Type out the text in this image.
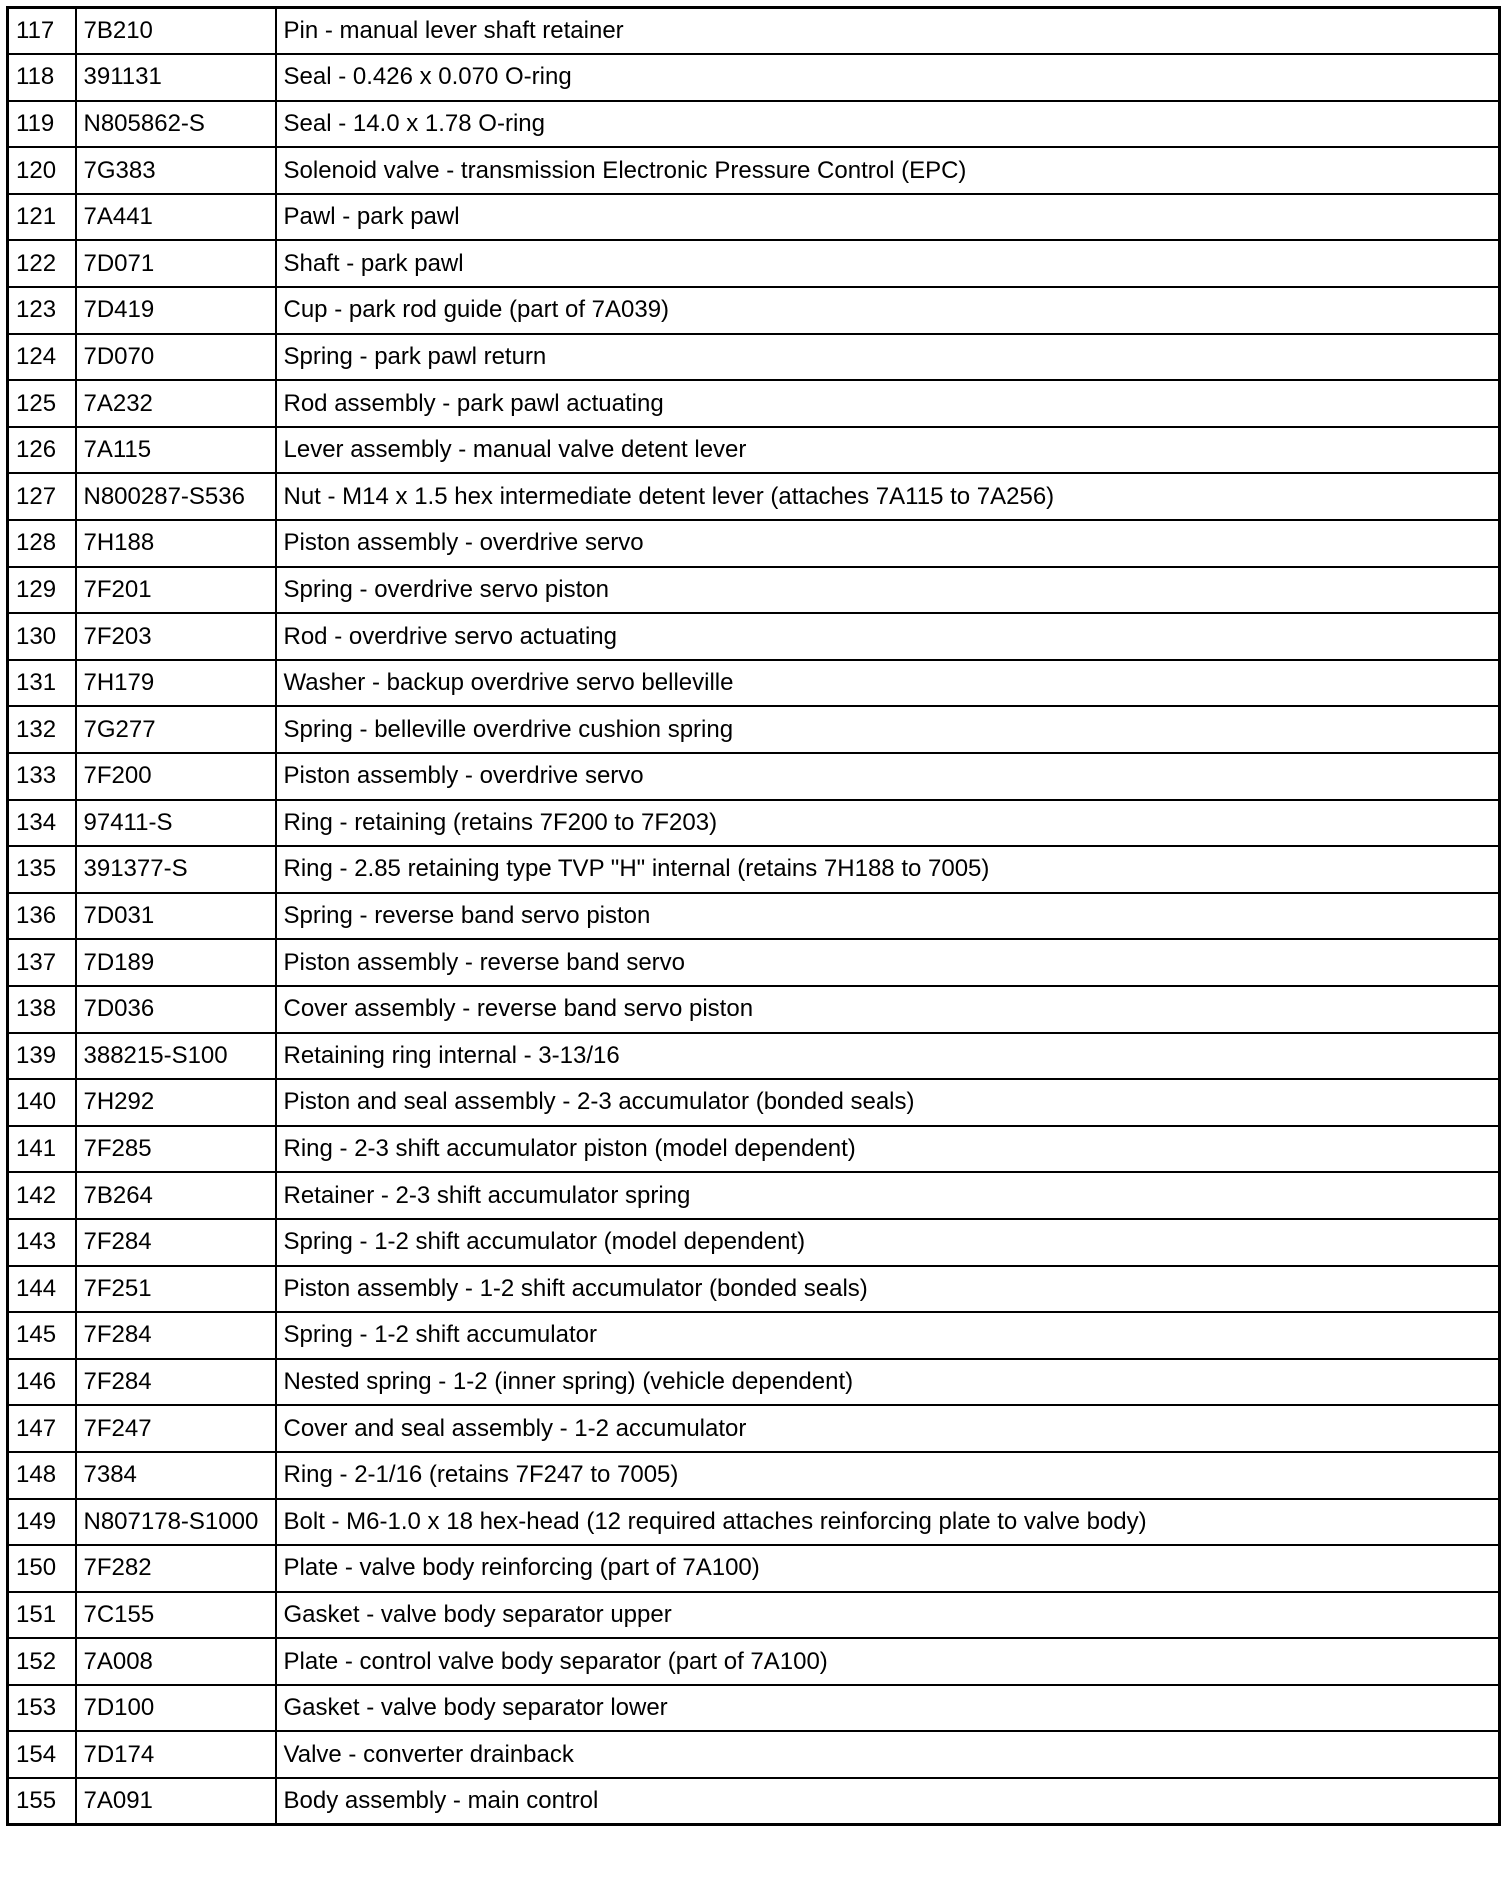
117	7B210	Pin - manual lever shaft retainer
118	391131	Seal - 0.426 x 0.070 O-ring
119	N805862-S	Seal - 14.0 x 1.78 O-ring
120	7G383	Solenoid valve - transmission Electronic Pressure Control (EPC)
121	7A441	Pawl - park pawl
122	7D071	Shaft - park pawl
123	7D419	Cup - park rod guide (part of 7A039)
124	7D070	Spring - park pawl return
125	7A232	Rod assembly - park pawl actuating
126	7A115	Lever assembly - manual valve detent lever
127	N800287-S536	Nut - M14 x 1.5 hex intermediate detent lever (attaches 7A115 to 7A256)
128	7H188	Piston assembly - overdrive servo
129	7F201	Spring - overdrive servo piston
130	7F203	Rod - overdrive servo actuating
131	7H179	Washer - backup overdrive servo belleville
132	7G277	Spring - belleville overdrive cushion spring
133	7F200	Piston assembly - overdrive servo
134	97411-S	Ring - retaining (retains 7F200 to 7F203)
135	391377-S	Ring - 2.85 retaining type TVP "H" internal (retains 7H188 to 7005)
136	7D031	Spring - reverse band servo piston
137	7D189	Piston assembly - reverse band servo
138	7D036	Cover assembly - reverse band servo piston
139	388215-S100	Retaining ring internal - 3-13/16
140	7H292	Piston and seal assembly - 2-3 accumulator (bonded seals)
141	7F285	Ring - 2-3 shift accumulator piston (model dependent)
142	7B264	Retainer - 2-3 shift accumulator spring
143	7F284	Spring - 1-2 shift accumulator (model dependent)
144	7F251	Piston assembly - 1-2 shift accumulator (bonded seals)
145	7F284	Spring - 1-2 shift accumulator
146	7F284	Nested spring - 1-2 (inner spring) (vehicle dependent)
147	7F247	Cover and seal assembly - 1-2 accumulator
148	7384	Ring - 2-1/16 (retains 7F247 to 7005)
149	N807178-S1000	Bolt - M6-1.0 x 18 hex-head (12 required attaches reinforcing plate to valve body)
150	7F282	Plate - valve body reinforcing (part of 7A100)
151	7C155	Gasket - valve body separator upper
152	7A008	Plate - control valve body separator (part of 7A100)
153	7D100	Gasket - valve body separator lower
154	7D174	Valve - converter drainback
155	7A091	Body assembly - main control
